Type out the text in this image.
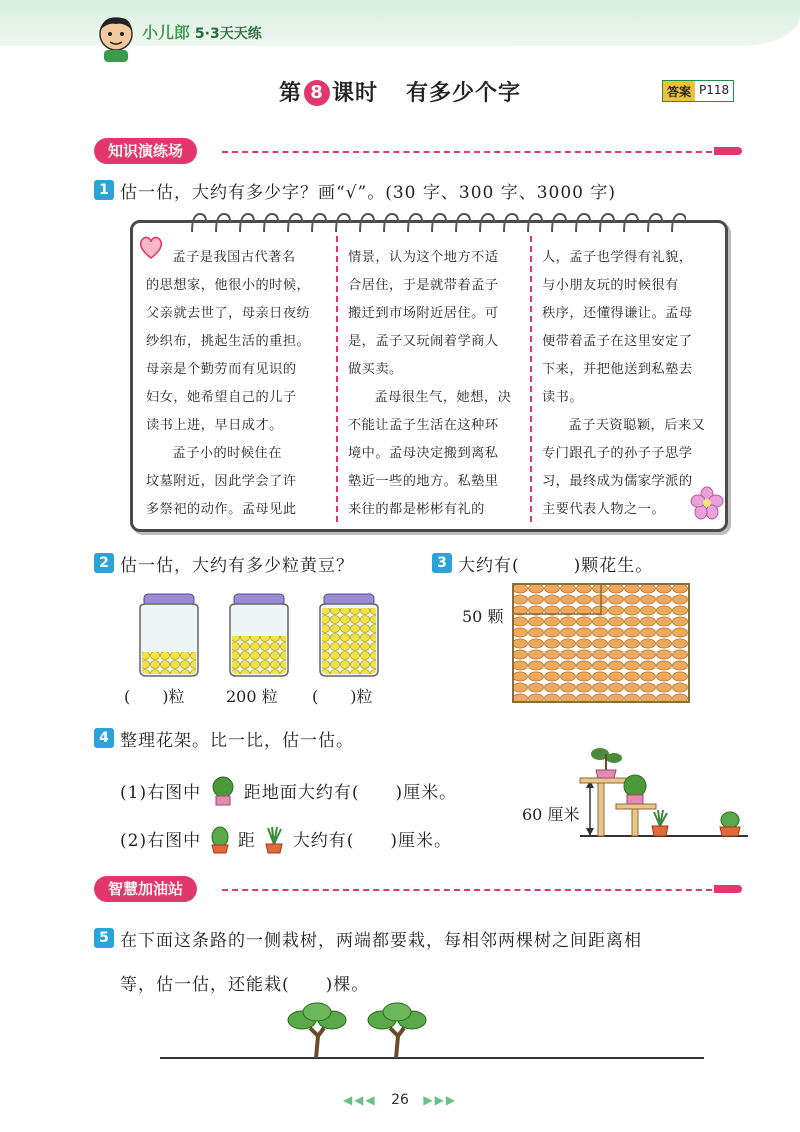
小儿郎 5·3天天练
第 8 课时 有多少个字	答案 P118
知识演练场
1 估一估，大约有多少字？画“√”。(30 字、300 字、3000 字)

孟子是我国古代著名

的思想家，他很小的时候，

父亲就去世了，母亲日夜纺

纱织布，挑起生活的重担。

母亲是个勤劳而有见识的

妇女，她希望自己的儿子

读书上进，早日成才。

孟子小的时候住在

坟墓附近，因此学会了许

多祭祀的动作。孟母见此

情景，认为这个地方不适

合居住，于是就带着孟子

搬迁到市场附近居住。可

是，孟子又玩闹着学商人

做买卖。

孟母很生气，她想，决

不能让孟子生活在这种环

境中。孟母决定搬到离私

塾近一些的地方。私塾里

来往的都是彬彬有礼的

人，孟子也学得有礼貌，

与小朋友玩的时候很有

秩序，还懂得谦让。孟母

便带着孟子在这里安定了

下来，并把他送到私塾去

读书。

孟子天资聪颖，后来又

专门跟孔子的孙子子思学

习，最终成为儒家学派的

主要代表人物之一。

2 估一估，大约有多少粒黄豆？
(　　)粒	200 粒 (　　)粒
3 大约有(　　　)颗花生。
50 颗
4 整理花架。比一比，估一估。
(1)右图中	距地面大约有(　　)厘米。
(2)右图中 距 大约有(　　)厘米。
60 厘米
智慧加油站
5 在下面这条路的一侧栽树，两端都要栽，每相邻两棵树之间距离相
等，估一估，还能栽(　　)棵。
◀◀◀ 26 ▶▶▶
